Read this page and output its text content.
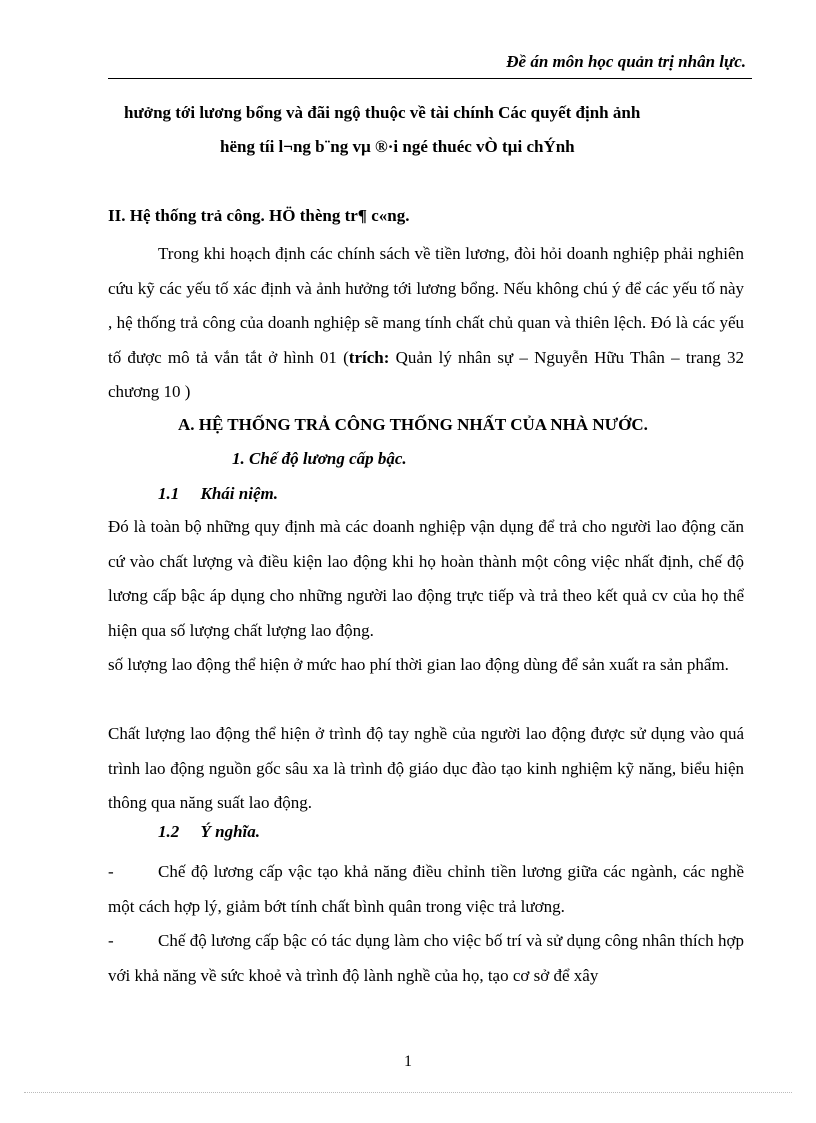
Đề án môn học quản trị nhân lực.
hưởng tới lương bổng và đãi ngộ thuộc về tài chính Các quyết định ảnh
hëng tíi l¬ng b¨ng vµ ®·i ngé thuéc vÒ tµi chÝnh
II. Hệ thống trả công. HÖ thèng tr¶ c«ng.
Trong khi hoạch định các chính sách về tiền lương, đòi hỏi doanh nghiệp phải nghiên cứu kỹ các yếu tố xác định và ảnh hưởng tới lương bổng. Nếu không chú ý để các yếu tố này , hệ thống trả công của doanh nghiệp sẽ mang tính chất chủ quan và thiên lệch. Đó là các yếu tố được mô tả vắn tắt ở hình 01 (trích: Quản lý nhân sự – Nguyễn Hữu Thân – trang 32 chương 10 )
A. HỆ THỐNG TRẢ CÔNG THỐNG NHẤT CỦA NHÀ NƯỚC.
1. Chế độ lương cấp bậc.
1.1     Khái niệm.
Đó là toàn bộ những quy định mà các doanh nghiệp vận dụng để trả cho người lao động căn cứ vào chất lượng và điều kiện lao động khi họ hoàn thành một công việc nhất định, chế độ lương cấp bậc áp dụng cho những người lao động trực tiếp và trả theo kết quả cv của họ thể hiện qua số lượng chất lượng lao động.
số lượng lao động thể hiện ở mức hao phí thời gian lao động dùng để sản xuất ra sản phẩm.
Chất lượng lao động thể hiện ở trình độ tay nghề của người lao động được sử dụng vào quá trình lao động nguồn gốc sâu xa là trình độ giáo dục đào tạo kinh nghiệm kỹ năng, biểu hiện thông qua năng suất lao động.
1.2     Ý nghĩa.
-	Chế độ lương cấp vậc tạo khả năng điều chỉnh tiền lương giữa các ngành, các nghề một cách hợp lý, giảm bớt tính chất bình quân trong việc trả lương.
-	Chế độ lương cấp bậc có tác dụng làm cho việc bố trí và sử dụng công nhân thích hợp với khả năng về sức khoẻ và trình độ lành nghề của họ, tạo cơ sở để xây
1
